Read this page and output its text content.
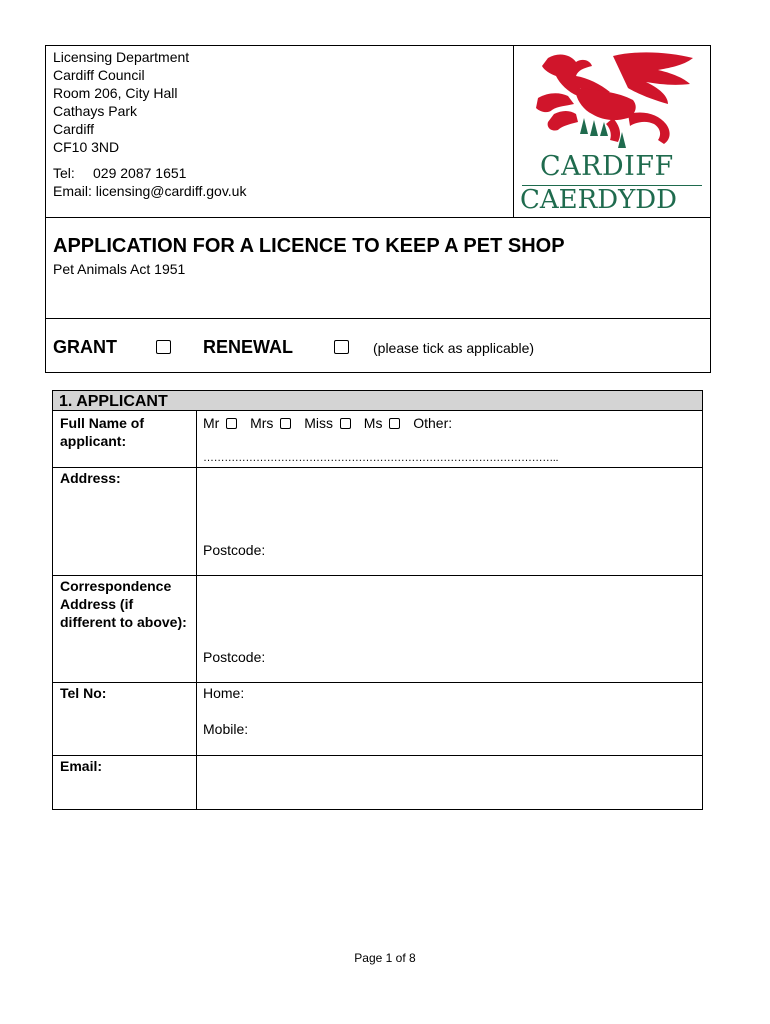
Licensing Department
Cardiff Council
Room 206, City Hall
Cathays Park
Cardiff
CF10 3ND
Tel: 029 2087 1651
Email: licensing@cardiff.gov.uk
CARDIFF
CAERDYDD
APPLICATION FOR A LICENCE TO KEEP A PET SHOP
Pet Animals Act 1951
GRANT	RENEWAL	(please tick as applicable)
1. APPLICANT
Full Name of applicant:
Mr Mrs Miss Ms Other:
………………………………………………………………………………………..
Address:
Postcode:
Correspondence Address (if different to above):
Postcode:
Tel No:	Home:
Mobile:
Email:
Page 1 of 8
